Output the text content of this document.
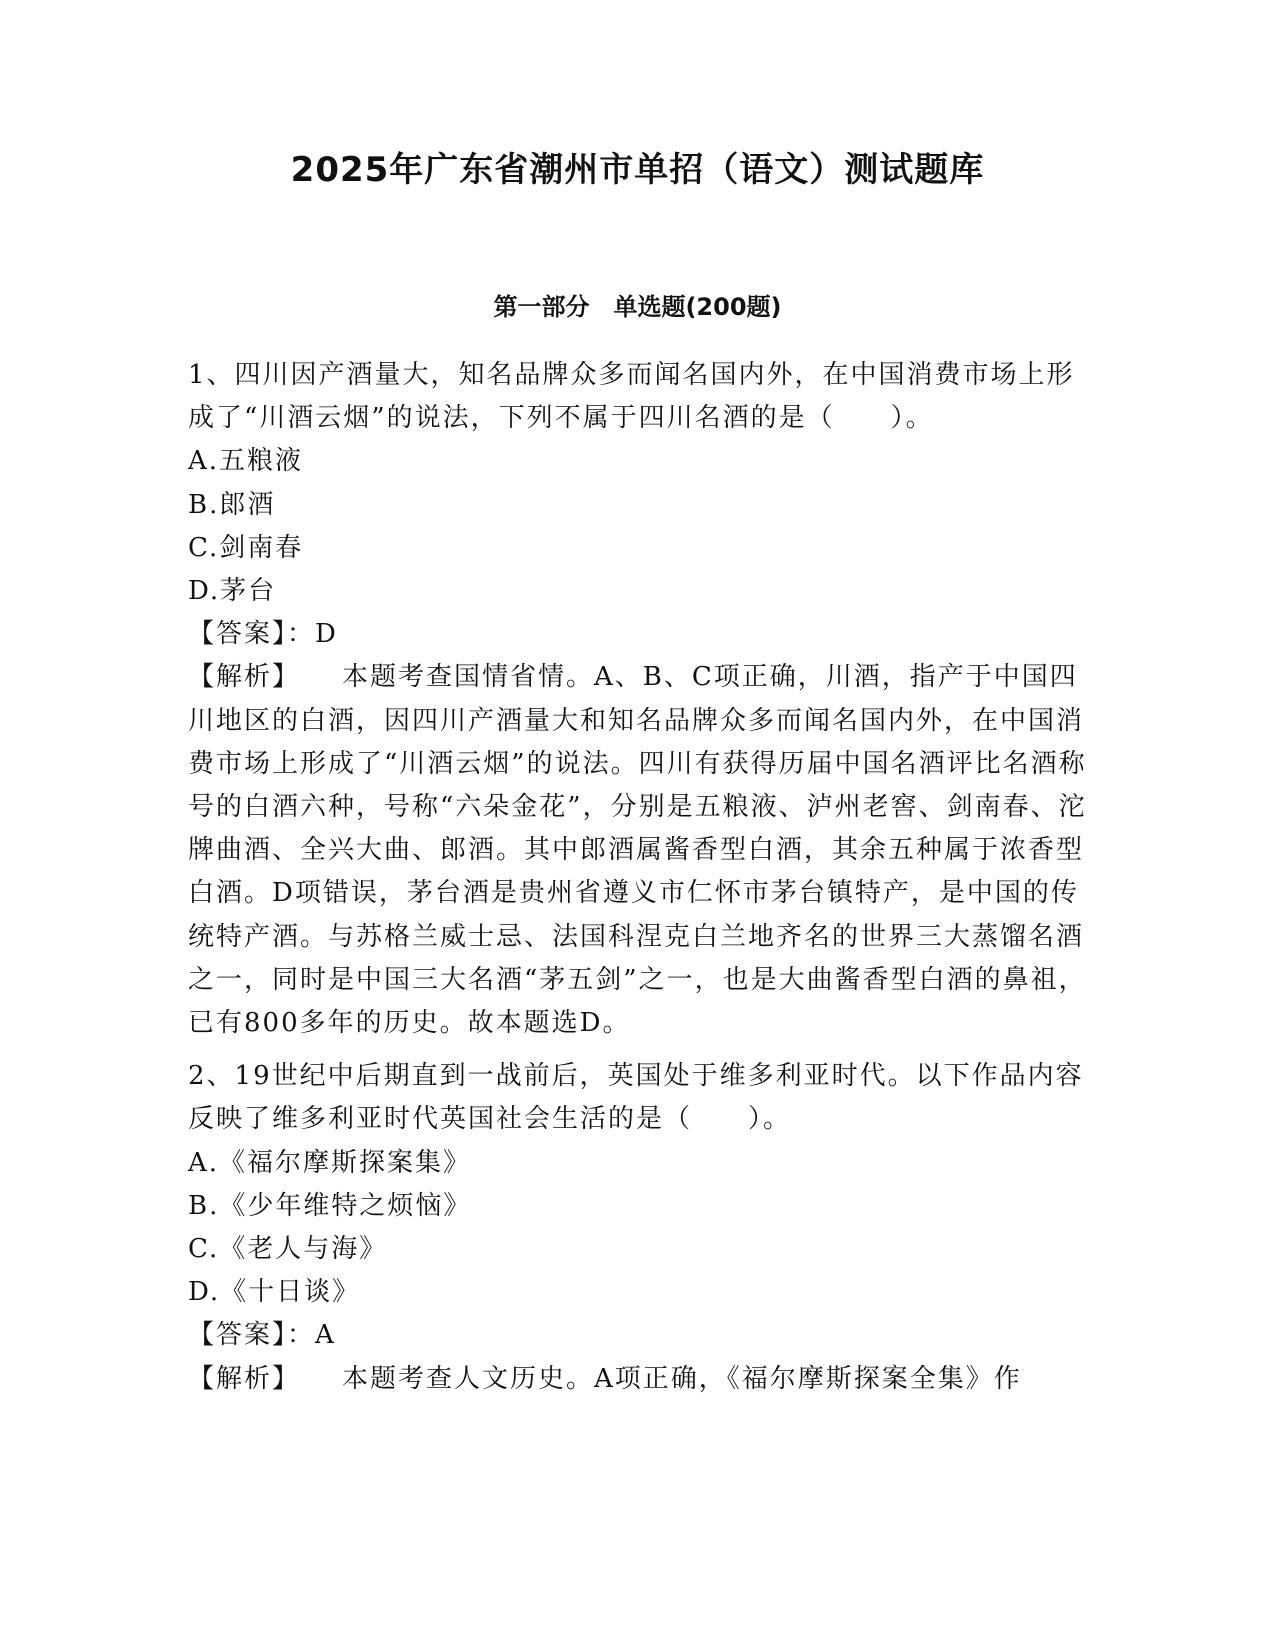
2025年广东省潮州市单招（语文）测试题库
第一部分　单选题(200题)

1、四川因产酒量大，知名品牌众多而闻名国内外，在中国消费市场上形成了“川酒云烟”的说法，下列不属于四川名酒的是（　　）。

A.五粮液

B.郎酒

C.剑南春

D.茅台

【答案】：D

【解析】 本题考查国情省情。A、B、C项正确，川酒，指产于中国四川地区的白酒，因四川产酒量大和知名品牌众多而闻名国内外，在中国消费市场上形成了“川酒云烟”的说法。四川有获得历届中国名酒评比名酒称号的白酒六种，号称“六朵金花”，分别是五粮液、泸州老窖、剑南春、沱牌曲酒、全兴大曲、郎酒。其中郎酒属酱香型白酒，其余五种属于浓香型白酒。D项错误，茅台酒是贵州省遵义市仁怀市茅台镇特产，是中国的传统特产酒。与苏格兰威士忌、法国科涅克白兰地齐名的世界三大蒸馏名酒之一，同时是中国三大名酒“茅五剑”之一，也是大曲酱香型白酒的鼻祖，已有800多年的历史。故本题选D。

2、19世纪中后期直到一战前后，英国处于维多利亚时代。以下作品内容反映了维多利亚时代英国社会生活的是（　　）。

A.《福尔摩斯探案集》

B.《少年维特之烦恼》

C.《老人与海》

D.《十日谈》

【答案】：A

【解析】 本题考查人文历史。A项正确，《福尔摩斯探案全集》作
